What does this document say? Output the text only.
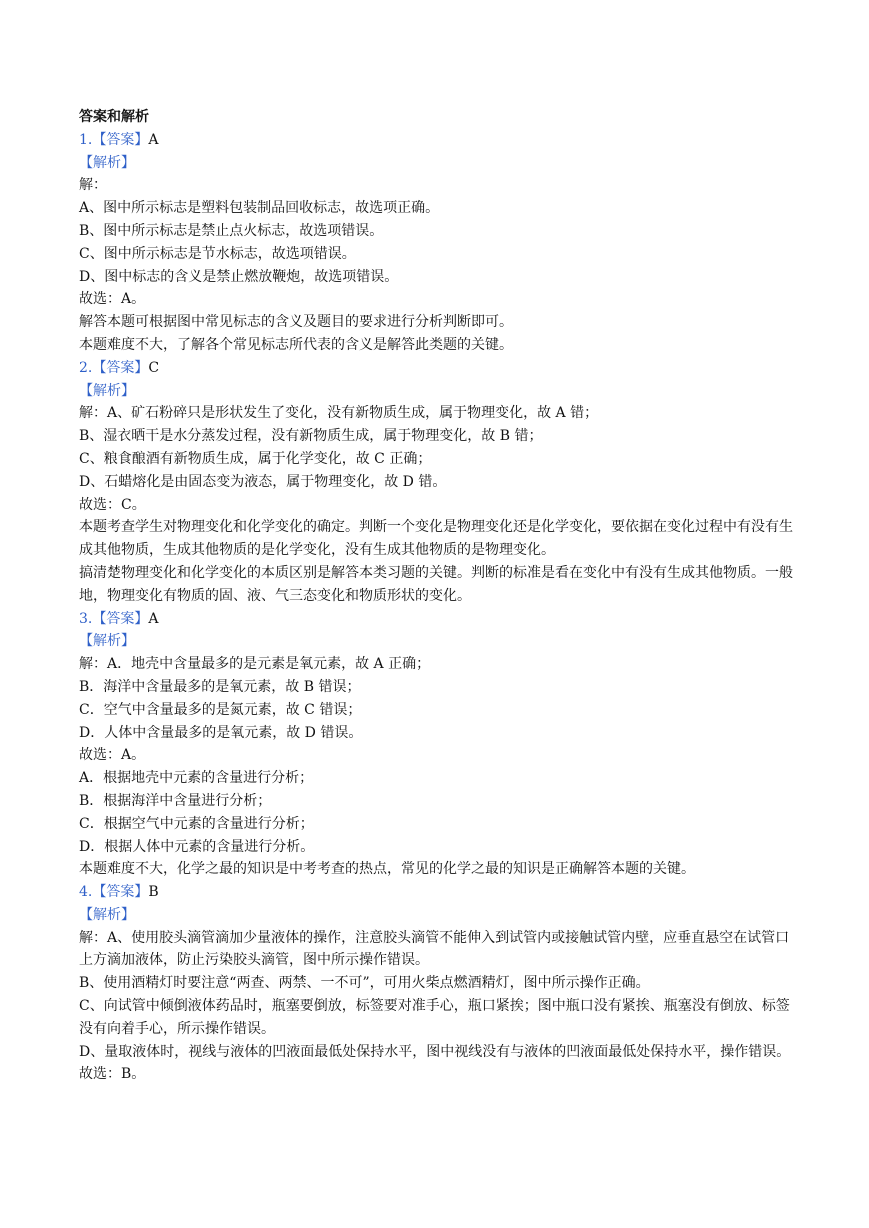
答案和解析

1.【答案】A

【解析】

解：

A、图中所示标志是塑料包装制品回收标志，故选项正确。

B、图中所示标志是禁止点火标志，故选项错误。

C、图中所示标志是节水标志，故选项错误。

D、图中标志的含义是禁止燃放鞭炮，故选项错误。

故选：A。

解答本题可根据图中常见标志的含义及题目的要求进行分析判断即可。

本题难度不大，了解各个常见标志所代表的含义是解答此类题的关键。

2.【答案】C

【解析】

解：A、矿石粉碎只是形状发生了变化，没有新物质生成，属于物理变化，故 A 错；

B、湿衣晒干是水分蒸发过程，没有新物质生成，属于物理变化，故 B 错；

C、粮食酿酒有新物质生成，属于化学变化，故 C 正确；

D、石蜡熔化是由固态变为液态，属于物理变化，故 D 错。

故选：C。

本题考查学生对物理变化和化学变化的确定。判断一个变化是物理变化还是化学变化，要依据在变化过程中有没有生成其他物质，生成其他物质的是化学变化，没有生成其他物质的是物理变化。

搞清楚物理变化和化学变化的本质区别是解答本类习题的关键。判断的标准是看在变化中有没有生成其他物质。一般地，物理变化有物质的固、液、气三态变化和物质形状的变化。

3.【答案】A

【解析】

解：A．地壳中含量最多的是元素是氧元素，故 A 正确；

B．海洋中含量最多的是氧元素，故 B 错误；

C．空气中含量最多的是氮元素，故 C 错误；

D．人体中含量最多的是氧元素，故 D 错误。

故选：A。

A．根据地壳中元素的含量进行分析；

B．根据海洋中含量进行分析；

C．根据空气中元素的含量进行分析；

D．根据人体中元素的含量进行分析。

本题难度不大，化学之最的知识是中考考查的热点，常见的化学之最的知识是正确解答本题的关键。

4.【答案】B

【解析】

解：A、使用胶头滴管滴加少量液体的操作，注意胶头滴管不能伸入到试管内或接触试管内壁，应垂直悬空在试管口上方滴加液体，防止污染胶头滴管，图中所示操作错误。

B、使用酒精灯时要注意“两查、两禁、一不可”，可用火柴点燃酒精灯，图中所示操作正确。

C、向试管中倾倒液体药品时，瓶塞要倒放，标签要对准手心，瓶口紧挨；图中瓶口没有紧挨、瓶塞没有倒放、标签没有向着手心，所示操作错误。

D、量取液体时，视线与液体的凹液面最低处保持水平，图中视线没有与液体的凹液面最低处保持水平，操作错误。

故选：B。
